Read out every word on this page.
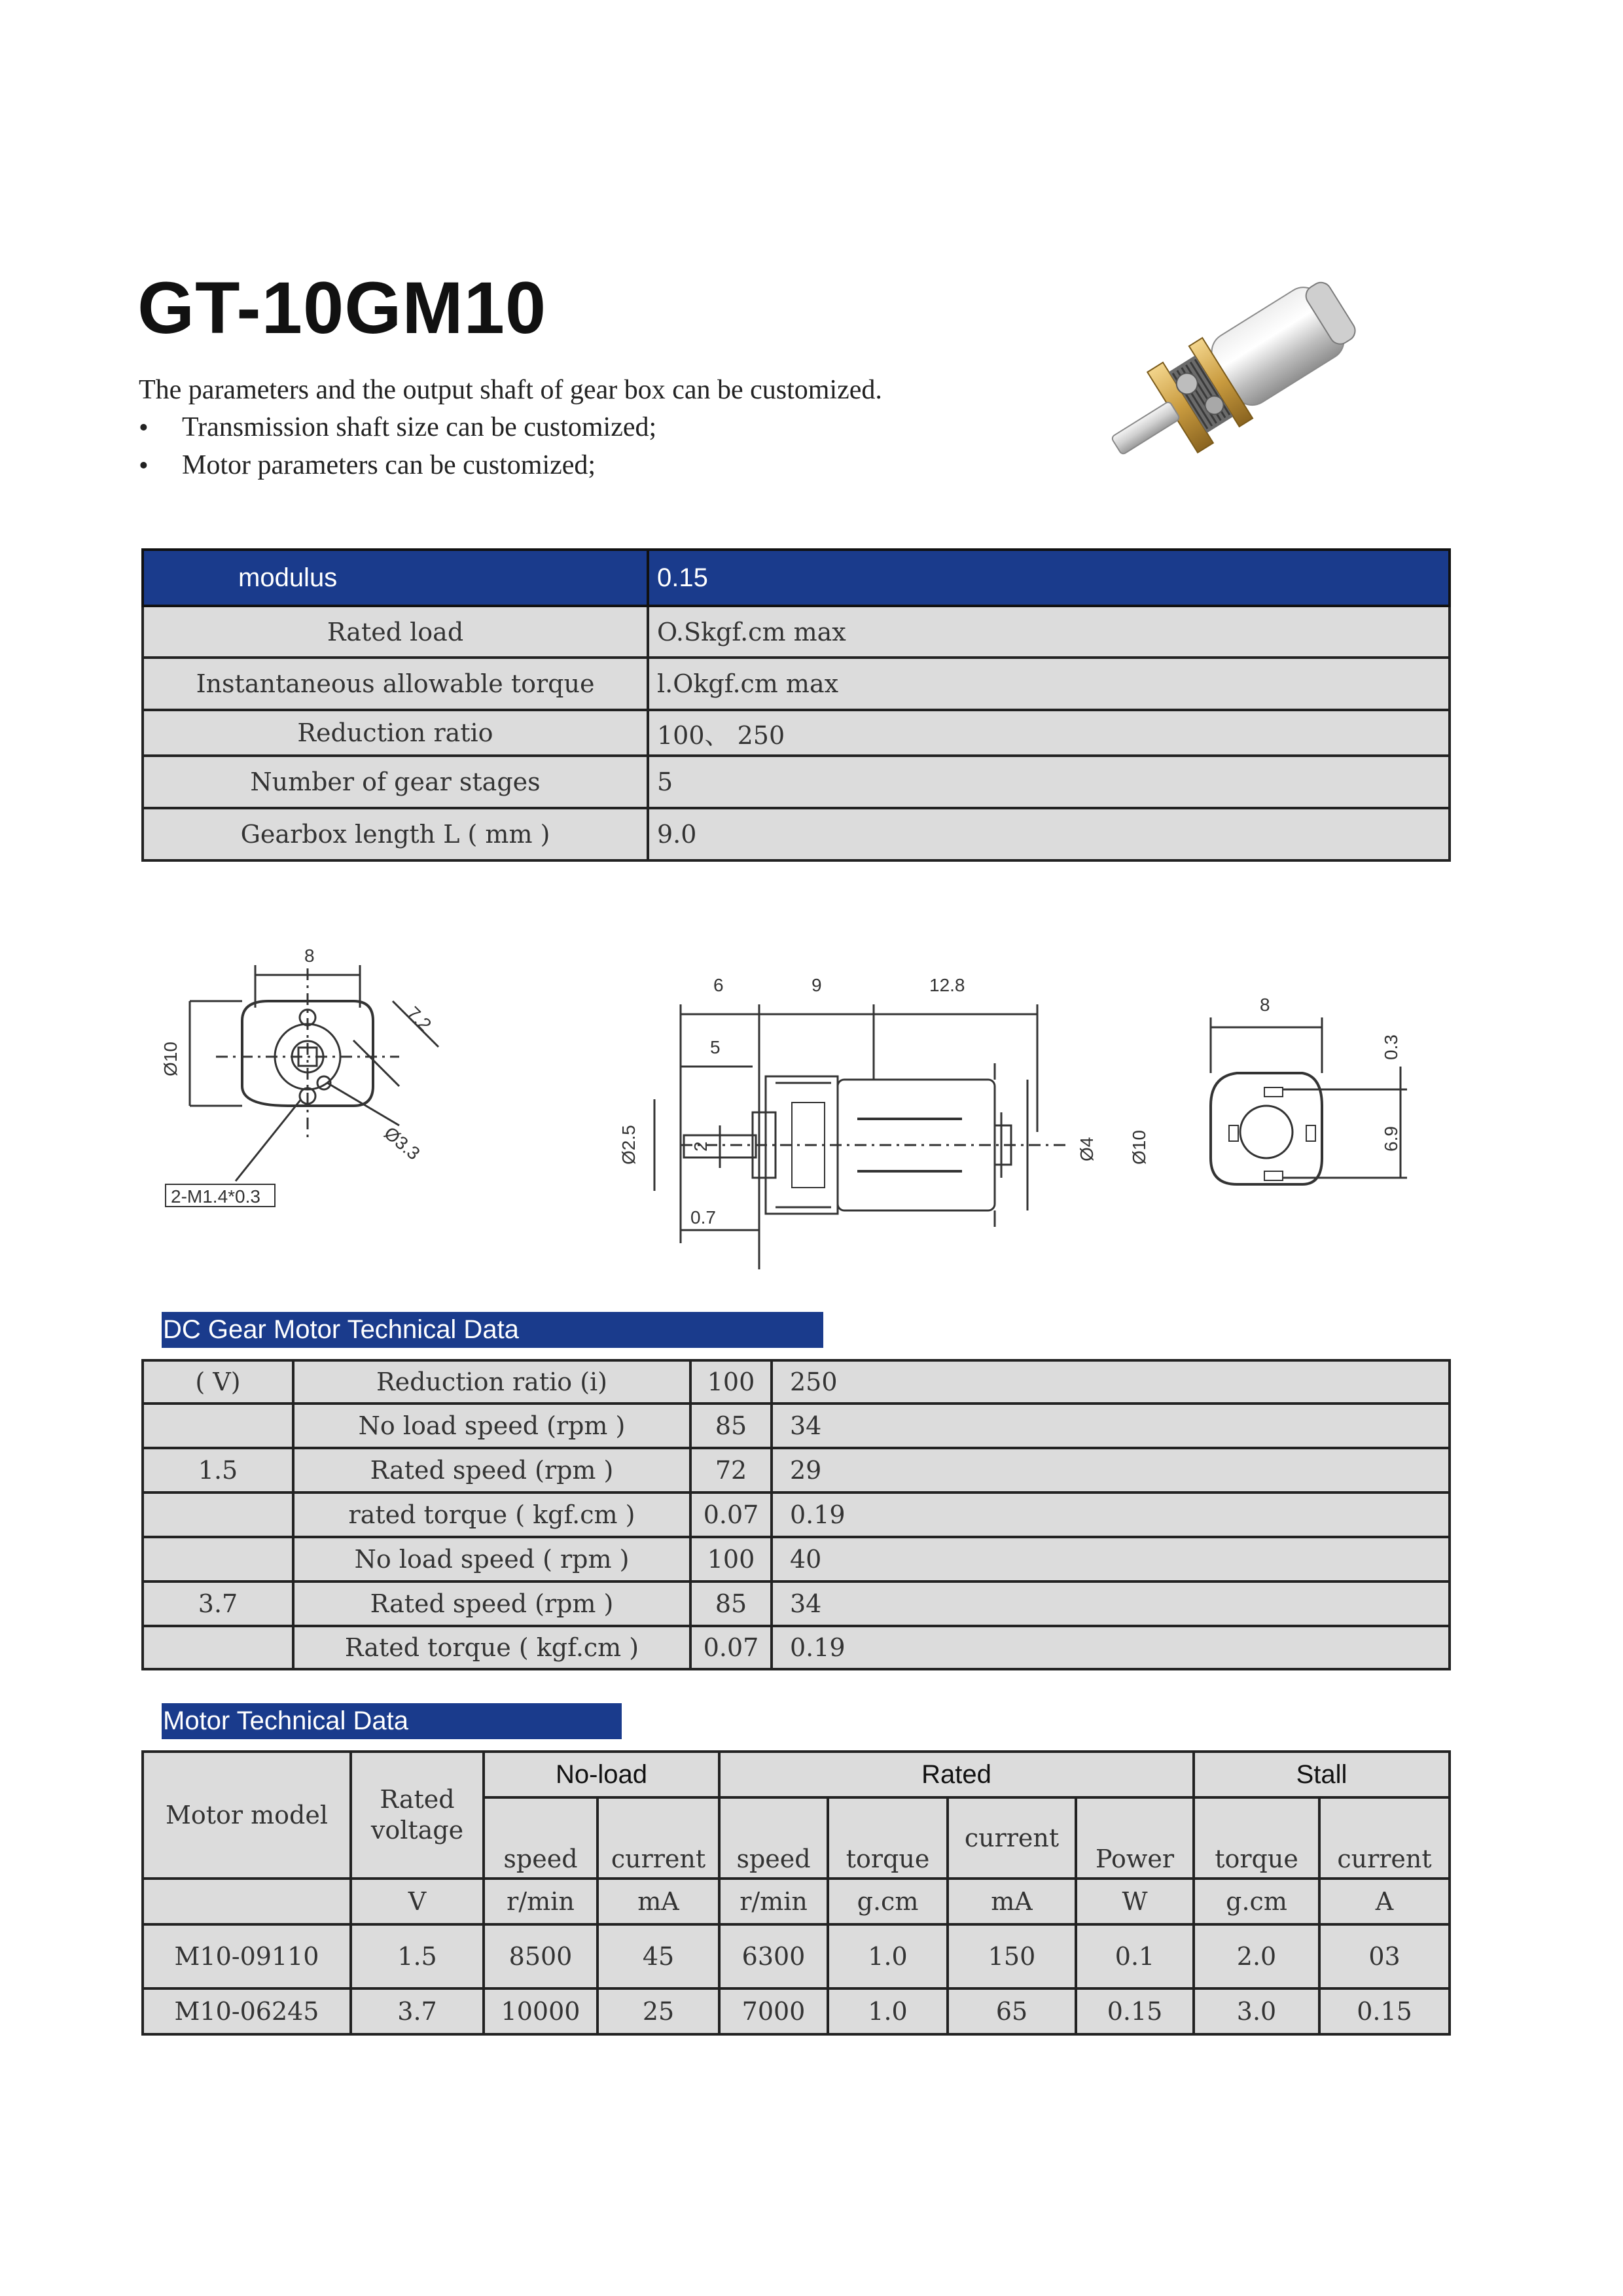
GT-10GM10
The parameters and the output shaft of gear box can be customized.
• Transmission shaft size can be customized;
• Motor parameters can be customized;
modulus	0.15
Rated load	O.Skgf.cm max
Instantaneous allowable torque	l.Okgf.cm max
Reduction ratio	100、 250
Number of gear stages	5
Gearbox length L ( mm )	9.0
8
7.2
Ø10
Ø3.3
2-M1.4*0.3
6	9	12.8
5
Ø2.5	2
0.7
Ø4 Ø10
8
0.3
6.9
DC Gear Motor Technical Data
( V)	Reduction ratio (i)	100	250
	No load speed (rpm )	85	34
1.5	Rated speed (rpm )	72	29
	rated torque ( kgf.cm )	0.07	0.19
	No load speed ( rpm )	100	40
3.7	Rated speed (rpm )	85	34
	Rated torque ( kgf.cm )	0.07	0.19
Motor Technical Data
Motor model	Rated voltage	No-load		Rated				Stall	
		speed	current	speed	torque	current	Power	torque	current
	V	r/min	mA	r/min	g.cm	mA	W	g.cm	A
M10-09110	1.5	8500	45	6300	1.0	150	0.1	2.0	03
M10-06245	3.7	10000	25	7000	1.0	65	0.15	3.0	0.15
